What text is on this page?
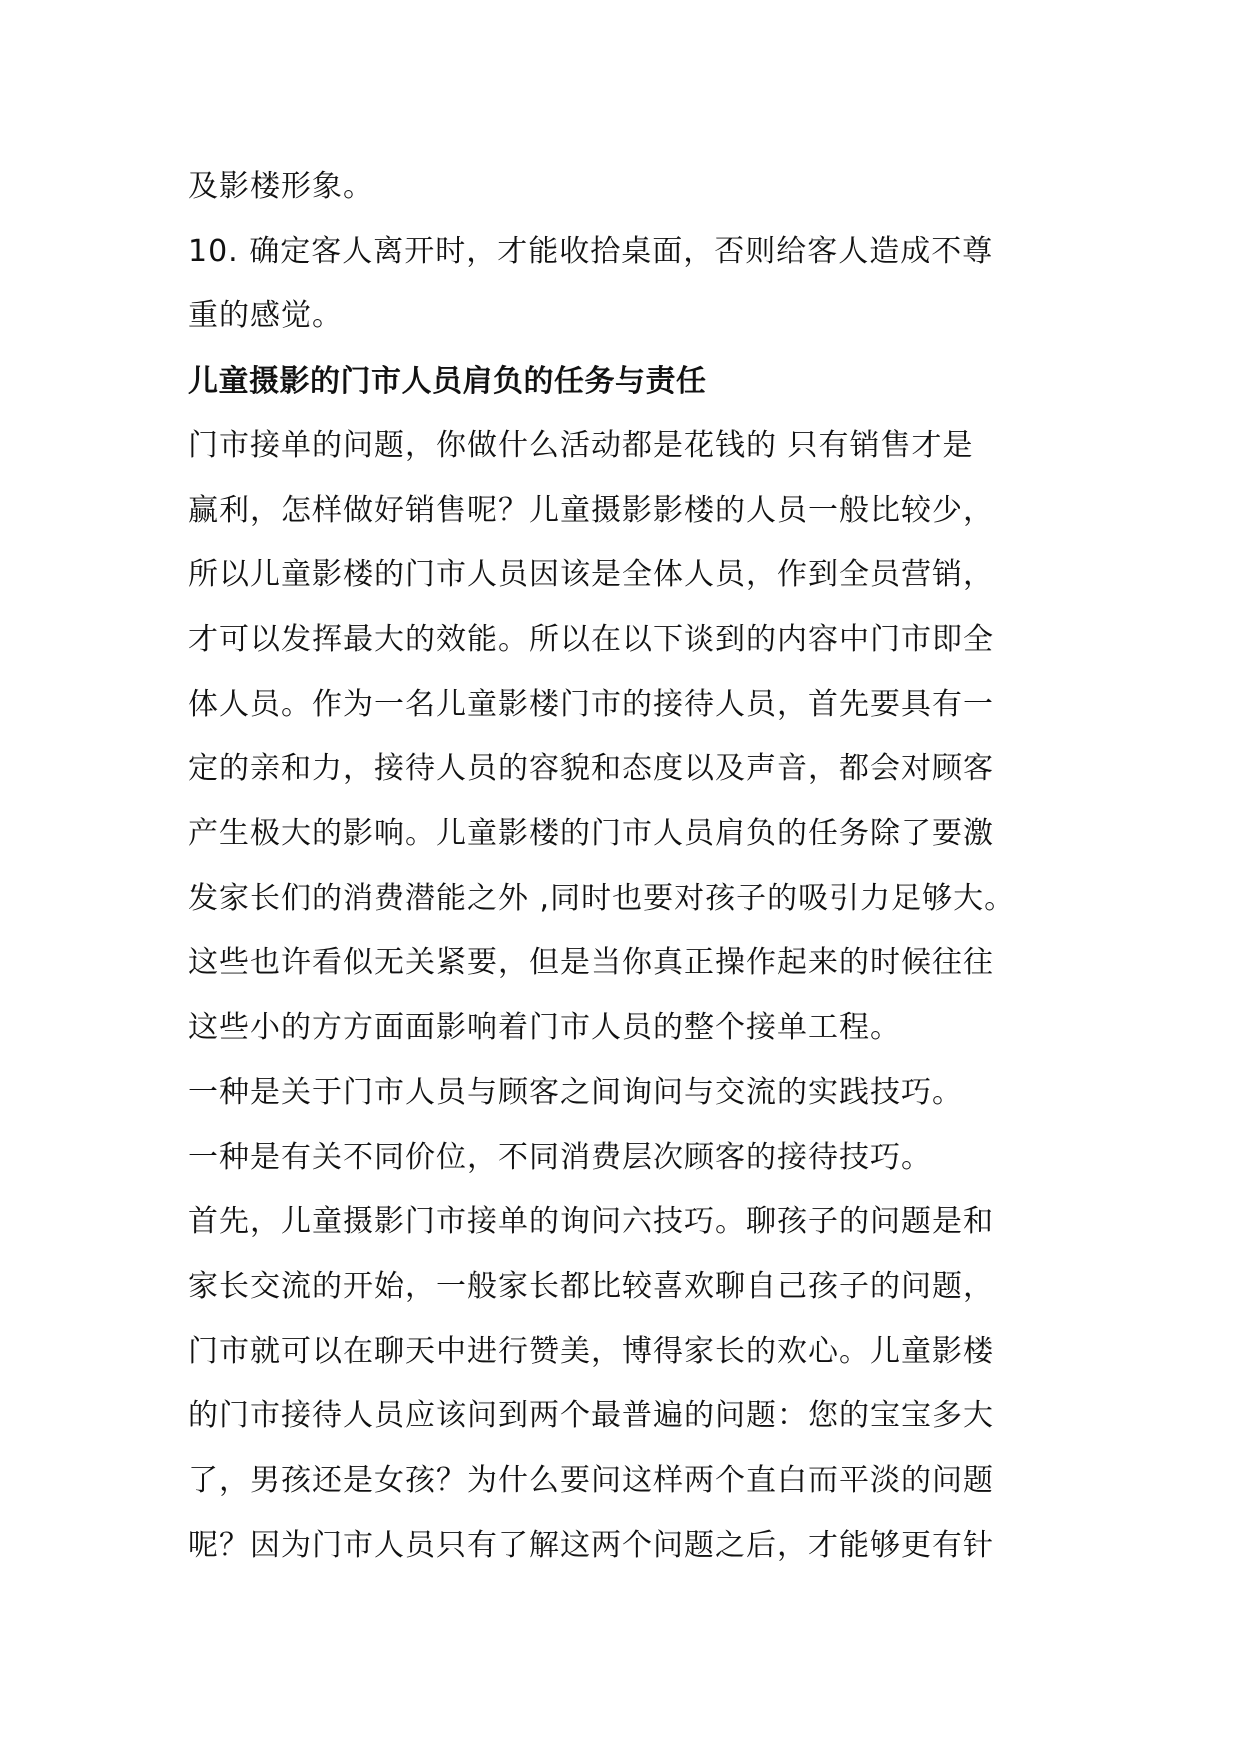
及影楼形象。
10. 确定客人离开时，才能收拾桌面，否则给客人造成不尊
重的感觉。
儿童摄影的门市人员肩负的任务与责任
门市接单的问题，你做什么活动都是花钱的 只有销售才是
赢利，怎样做好销售呢？儿童摄影影楼的人员一般比较少，
所以儿童影楼的门市人员因该是全体人员，作到全员营销，
才可以发挥最大的效能。所以在以下谈到的内容中门市即全
体人员。作为一名儿童影楼门市的接待人员，首先要具有一
定的亲和力，接待人员的容貌和态度以及声音，都会对顾客
产生极大的影响。儿童影楼的门市人员肩负的任务除了要激
发家长们的消费潜能之外 ,同时也要对孩子的吸引力足够大。
这些也许看似无关紧要，但是当你真正操作起来的时候往往
这些小的方方面面影响着门市人员的整个接单工程。
一种是关于门市人员与顾客之间询问与交流的实践技巧。
一种是有关不同价位，不同消费层次顾客的接待技巧。
首先，儿童摄影门市接单的询问六技巧。聊孩子的问题是和
家长交流的开始，一般家长都比较喜欢聊自己孩子的问题，
门市就可以在聊天中进行赞美，博得家长的欢心。儿童影楼
的门市接待人员应该问到两个最普遍的问题：您的宝宝多大
了，男孩还是女孩？为什么要问这样两个直白而平淡的问题
呢？因为门市人员只有了解这两个问题之后，才能够更有针
